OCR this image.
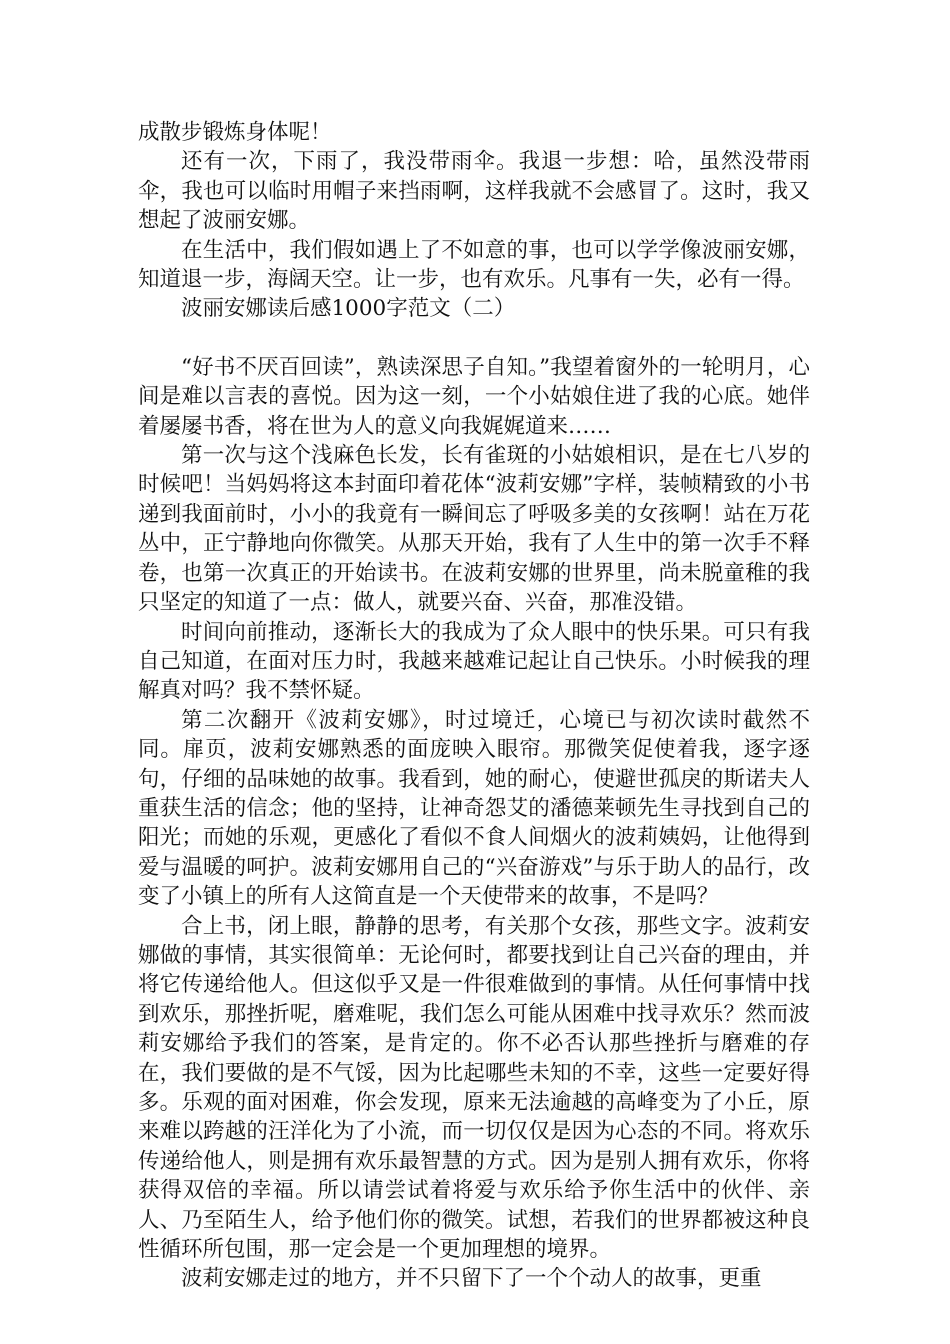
成散步锻炼身体呢！

还有一次，下雨了，我没带雨伞。我退一步想：哈，虽然没带雨伞，我也可以临时用帽子来挡雨啊，这样我就不会感冒了。这时，我又想起了波丽安娜。

在生活中，我们假如遇上了不如意的事，也可以学学像波丽安娜，知道退一步，海阔天空。让一步，也有欢乐。凡事有一失，必有一得。

波丽安娜读后感1000字范文（二）

“好书不厌百回读”，熟读深思子自知。”我望着窗外的一轮明月，心间是难以言表的喜悦。因为这一刻，一个小姑娘住进了我的心底。她伴着屡屡书香，将在世为人的意义向我娓娓道来……

第一次与这个浅麻色长发，长有雀斑的小姑娘相识，是在七八岁的时候吧！当妈妈将这本封面印着花体“波莉安娜”字样，装帧精致的小书递到我面前时，小小的我竟有一瞬间忘了呼吸多美的女孩啊！站在万花丛中，正宁静地向你微笑。从那天开始，我有了人生中的第一次手不释卷，也第一次真正的开始读书。在波莉安娜的世界里，尚未脱童稚的我只坚定的知道了一点：做人，就要兴奋、兴奋，那准没错。

时间向前推动，逐渐长大的我成为了众人眼中的快乐果。可只有我自己知道，在面对压力时，我越来越难记起让自己快乐。小时候我的理解真对吗？我不禁怀疑。

第二次翻开《波莉安娜》，时过境迁，心境已与初次读时截然不同。扉页，波莉安娜熟悉的面庞映入眼帘。那微笑促使着我，逐字逐句，仔细的品味她的故事。我看到，她的耐心，使避世孤戾的斯诺夫人重获生活的信念；他的坚持，让神奇怨艾的潘德莱顿先生寻找到自己的阳光；而她的乐观，更感化了看似不食人间烟火的波莉姨妈，让他得到爱与温暖的呵护。波莉安娜用自己的“兴奋游戏”与乐于助人的品行，改变了小镇上的所有人这简直是一个天使带来的故事，不是吗？

合上书，闭上眼，静静的思考，有关那个女孩，那些文字。波莉安娜做的事情，其实很简单：无论何时，都要找到让自己兴奋的理由，并将它传递给他人。但这似乎又是一件很难做到的事情。从任何事情中找到欢乐，那挫折呢，磨难呢，我们怎么可能从困难中找寻欢乐？然而波莉安娜给予我们的答案，是肯定的。你不必否认那些挫折与磨难的存在，我们要做的是不气馁，因为比起哪些未知的不幸，这些一定要好得多。乐观的面对困难，你会发现，原来无法逾越的高峰变为了小丘，原来难以跨越的汪洋化为了小流，而一切仅仅是因为心态的不同。将欢乐传递给他人，则是拥有欢乐最智慧的方式。因为是别人拥有欢乐，你将获得双倍的幸福。所以请尝试着将爱与欢乐给予你生活中的伙伴、亲人、乃至陌生人，给予他们你的微笑。试想，若我们的世界都被这种良性循环所包围，那一定会是一个更加理想的境界。

波莉安娜走过的地方，并不只留下了一个个动人的故事，更重
